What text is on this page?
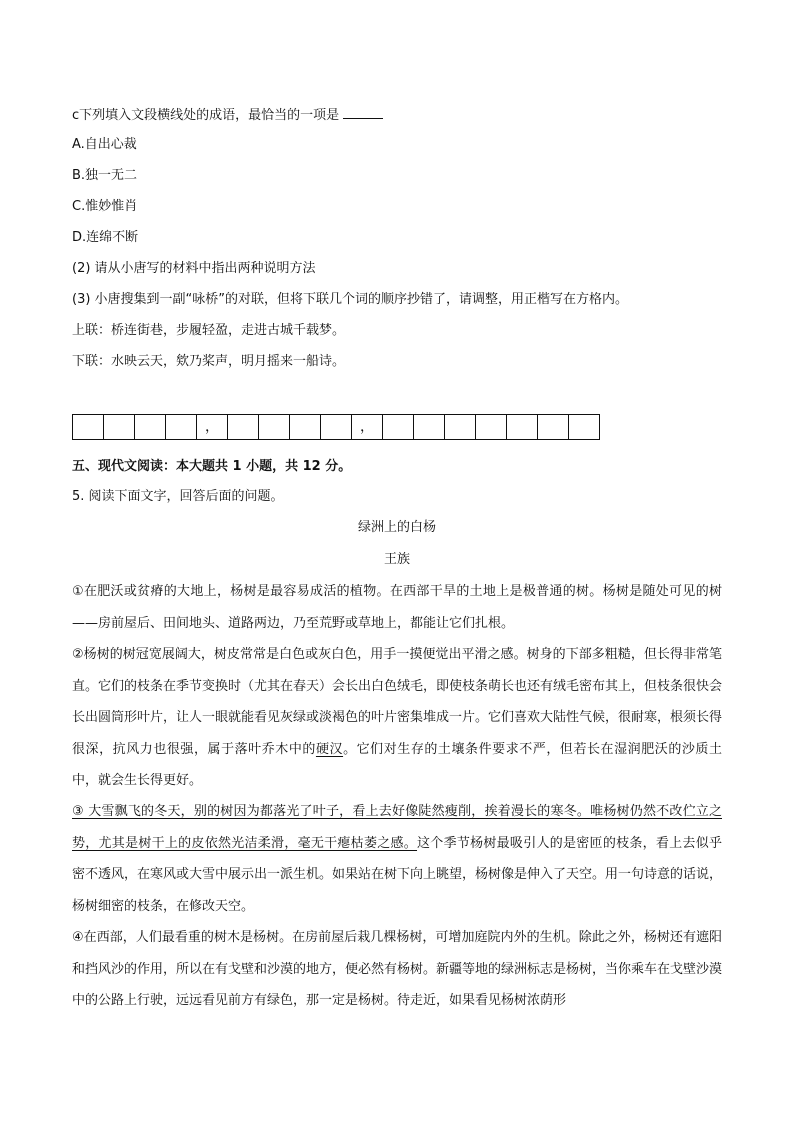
c下列填入文段横线处的成语，最恰当的一项是
A.自出心裁
B.独一无二
C.惟妙惟肖
D.连绵不断
(2) 请从小唐写的材料中指出两种说明方法
(3) 小唐搜集到一副“咏桥”的对联，但将下联几个词的顺序抄错了，请调整，用正楷写在方格内。
上联：桥连街巷，步履轻盈，走进古城千载梦。
下联：水映云天，欸乃桨声，明月摇来一船诗。
，	，
五、现代文阅读：本大题共 1 小题，共 12 分。
5. 阅读下面文字，回答后面的问题。
绿洲上的白杨
王族
①在肥沃或贫瘠的大地上，杨树是最容易成活的植物。在西部干旱的土地上是极普通的树。杨树是随处可见的树——房前屋后、田间地头、道路两边，乃至荒野或草地上，都能让它们扎根。
②杨树的树冠宽展阔大，树皮常常是白色或灰白色，用手一摸便觉出平滑之感。树身的下部多粗糙，但长得非常笔直。它们的枝条在季节变换时（尤其在春天）会长出白色绒毛，即使枝条萌长也还有绒毛密布其上，但枝条很快会长出圆筒形叶片，让人一眼就能看见灰绿或淡褐色的叶片密集堆成一片。它们喜欢大陆性气候，很耐寒，根须长得很深，抗风力也很强，属于落叶乔木中的硬汉。它们对生存的土壤条件要求不严，但若长在湿润肥沃的沙质土中，就会生长得更好。
③ 大雪飘飞的冬天，别的树因为都落光了叶子，看上去好像陡然瘦削，挨着漫长的寒冬。唯杨树仍然不改伫立之势，尤其是树干上的皮依然光洁柔滑，毫无干瘪枯萎之感。这个季节杨树最吸引人的是密匝的枝条，看上去似乎密不透风，在寒风或大雪中展示出一派生机。如果站在树下向上眺望，杨树像是伸入了天空。用一句诗意的话说，杨树细密的枝条，在修改天空。
④在西部，人们最看重的树木是杨树。在房前屋后栽几棵杨树，可增加庭院内外的生机。除此之外，杨树还有遮阳和挡风沙的作用，所以在有戈壁和沙漠的地方，便必然有杨树。新疆等地的绿洲标志是杨树，当你乘车在戈壁沙漠中的公路上行驶，远远看见前方有绿色，那一定是杨树。待走近，如果看见杨树浓荫形
